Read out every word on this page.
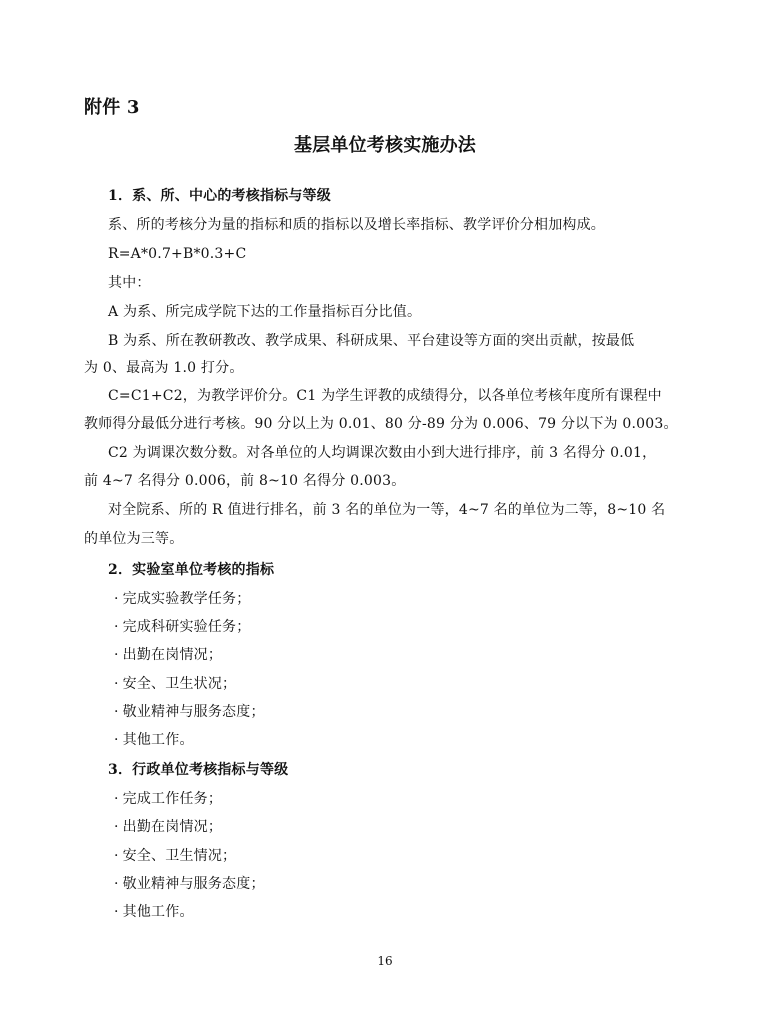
附件 3
基层单位考核实施办法
1．系、所、中心的考核指标与等级
系、所的考核分为量的指标和质的指标以及增长率指标、教学评价分相加构成。
R=A*0.7+B*0.3+C
其中：
A 为系、所完成学院下达的工作量指标百分比值。
B 为系、所在教研教改、教学成果、科研成果、平台建设等方面的突出贡献，按最低
为 0、最高为 1.0 打分。
C=C1+C2，为教学评价分。C1 为学生评教的成绩得分，以各单位考核年度所有课程中
教师得分最低分进行考核。90 分以上为 0.01、80 分-89 分为 0.006、79 分以下为 0.003。
C2 为调课次数分数。对各单位的人均调课次数由小到大进行排序，前 3 名得分 0.01，
前 4~7 名得分 0.006，前 8~10 名得分 0.003。
对全院系、所的 R 值进行排名，前 3 名的单位为一等，4~7 名的单位为二等，8~10 名
的单位为三等。
2．实验室单位考核的指标
· 完成实验教学任务；
· 完成科研实验任务；
· 出勤在岗情况；
· 安全、卫生状况；
· 敬业精神与服务态度；
· 其他工作。
3．行政单位考核指标与等级
· 完成工作任务；
· 出勤在岗情况；
· 安全、卫生情况；
· 敬业精神与服务态度；
· 其他工作。
16
